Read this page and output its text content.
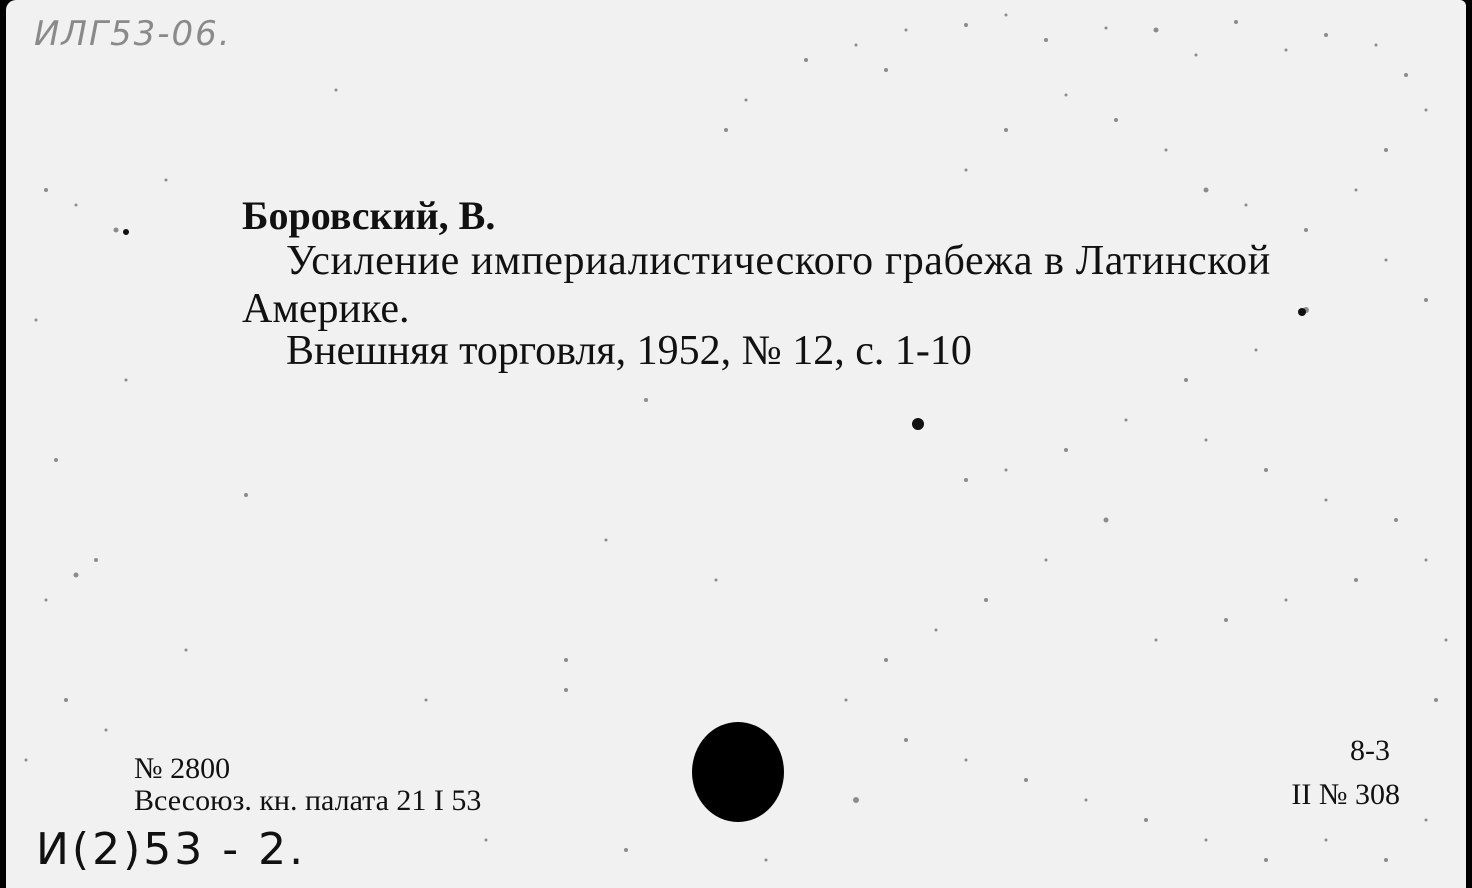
ИЛГ53-06.
Боровский, В.
Усиление империалистического грабежа в Латинской
Америке.
Внешняя торговля, 1952, № 12, с. 1-10
№ 2800
Всесоюз. кн. палата 21 I 53
8-3
II № 308
И(2)53 - 2.
